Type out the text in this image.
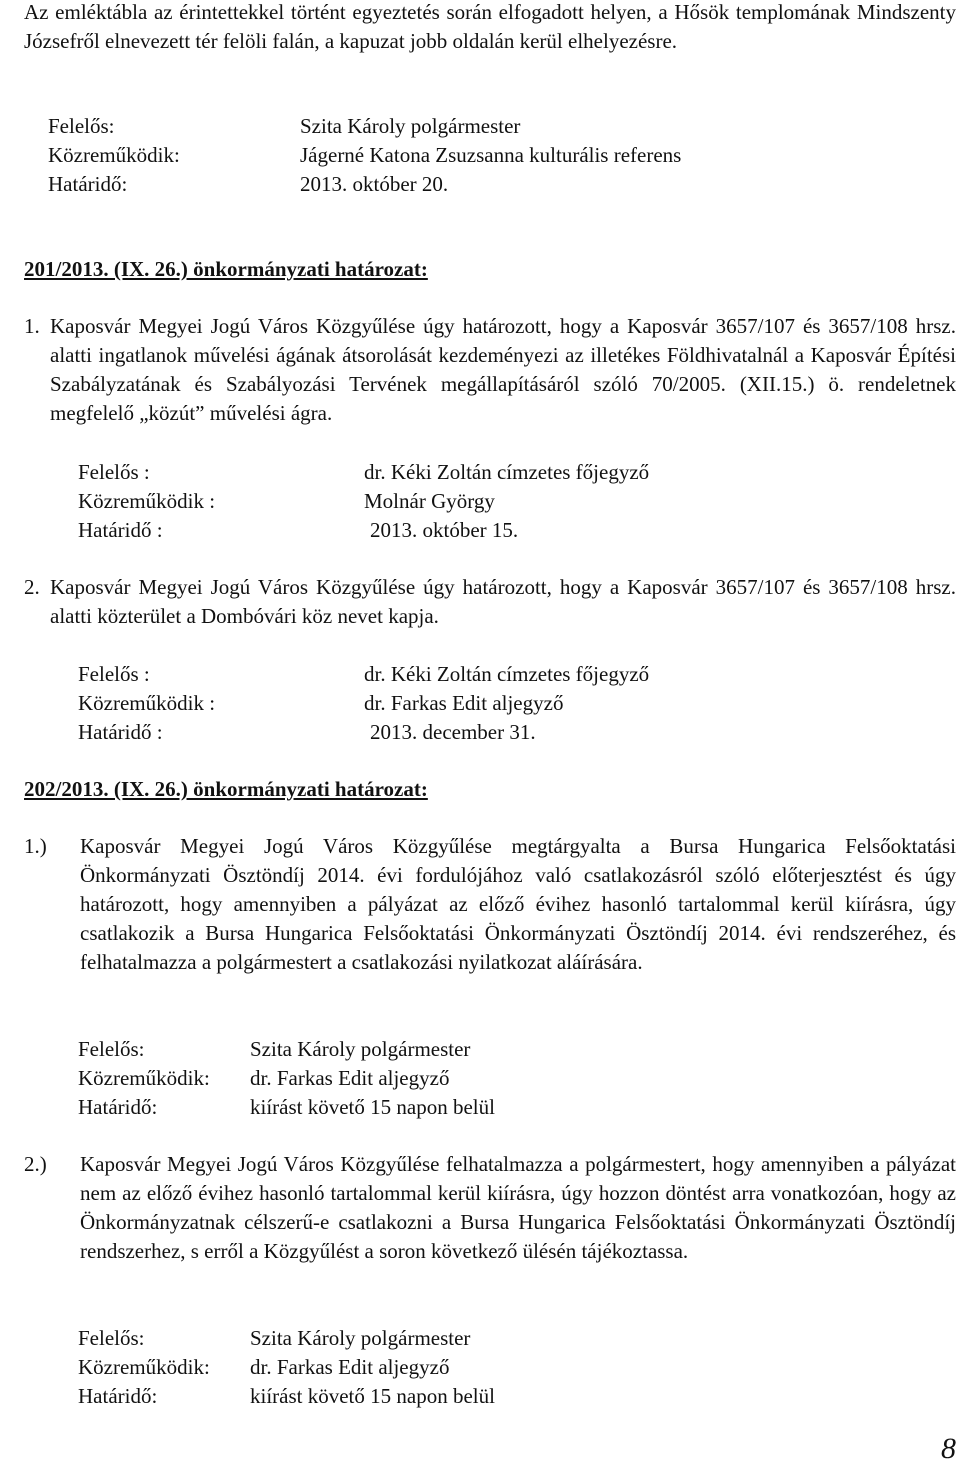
Az emléktábla az érintettekkel történt egyeztetés során elfogadott helyen, a Hősök templomának Mindszenty Józsefről elnevezett tér felöli falán, a kapuzat jobb oldalán kerül elhelyezésre.

Felelős:	Szita Károly polgármester
Közreműködik:	Jágerné Katona Zsuzsanna kulturális referens
Határidő:	2013. október 20.
201/2013. (IX. 26.) önkormányzati határozat:
1. Kaposvár Megyei Jogú Város Közgyűlése úgy határozott, hogy a Kaposvár 3657/107 és 3657/108 hrsz. alatti ingatlanok művelési ágának átsorolását kezdeményezi az illetékes Földhivatalnál a Kaposvár Építési Szabályzatának és Szabályozási Tervének megállapításáról szóló 70/2005. (XII.15.) ö. rendeletnek megfelelő „közút” művelési ágra.
Felelős :	dr. Kéki Zoltán címzetes főjegyző
Közreműködik :	Molnár György
Határidő :	2013. október 15.
2. Kaposvár Megyei Jogú Város Közgyűlése úgy határozott, hogy a Kaposvár 3657/107 és 3657/108 hrsz. alatti közterület a Dombóvári köz nevet kapja.
Felelős :	dr. Kéki Zoltán címzetes főjegyző
Közreműködik :	dr. Farkas Edit aljegyző
Határidő :	2013. december 31.
202/2013. (IX. 26.) önkormányzati határozat:
1.) Kaposvár Megyei Jogú Város Közgyűlése megtárgyalta a Bursa Hungarica Felsőoktatási Önkormányzati Ösztöndíj 2014. évi fordulójához való csatlakozásról szóló előterjesztést és úgy határozott, hogy amennyiben a pályázat az előző évihez hasonló tartalommal kerül kiírásra, úgy csatlakozik a Bursa Hungarica Felsőoktatási Önkormányzati Ösztöndíj 2014. évi rendszeréhez, és felhatalmazza a polgármestert a csatlakozási nyilatkozat aláírására.
Felelős:	Szita Károly polgármester
Közreműködik: dr. Farkas Edit aljegyző
Határidő:	kiírást követő 15 napon belül
2.) Kaposvár Megyei Jogú Város Közgyűlése felhatalmazza a polgármestert, hogy amennyiben a pályázat nem az előző évihez hasonló tartalommal kerül kiírásra, úgy hozzon döntést arra vonatkozóan, hogy az Önkormányzatnak célszerű-e csatlakozni a Bursa Hungarica Felsőoktatási Önkormányzati Ösztöndíj rendszerhez, s erről a Közgyűlést a soron következő ülésén tájékoztassa.
Felelős:	Szita Károly polgármester
Közreműködik: dr. Farkas Edit aljegyző
Határidő:	kiírást követő 15 napon belül
8
